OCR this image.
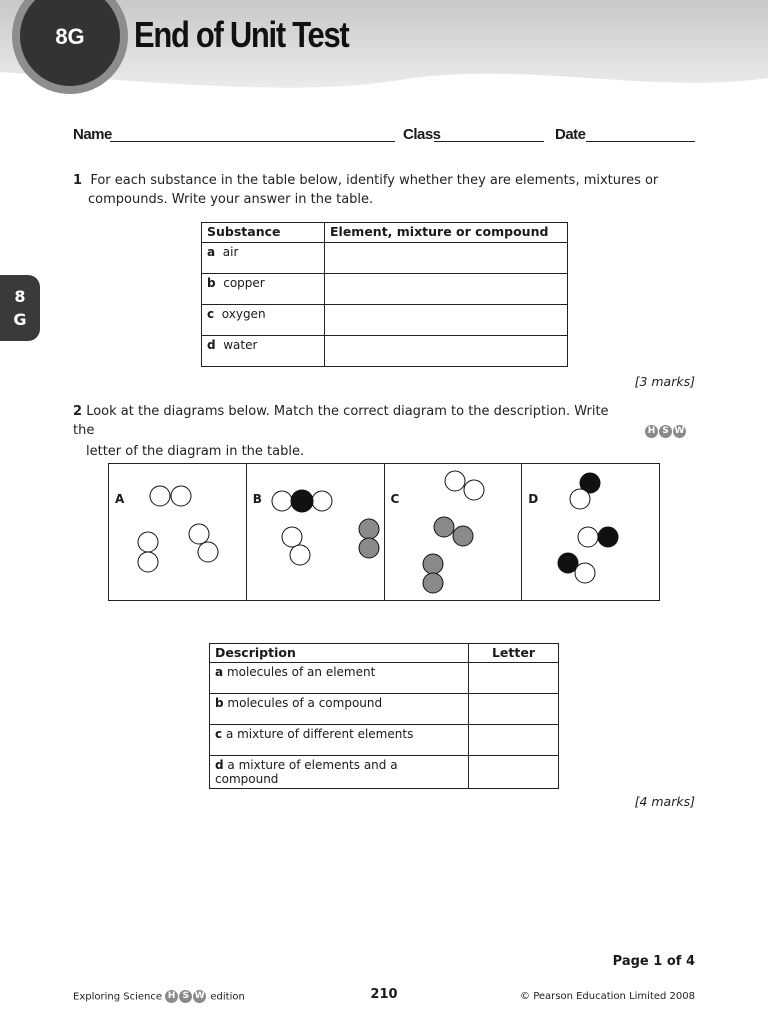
8G End of Unit Test
8
G
Name	Class	Date
1 For each substance in the table below, identify whether they are elements, mixtures or
compounds. Write your answer in the table.
Substance	Element, mixture or compound
a air	
b copper	
c oxygen	
d water	
[3 marks]
2 Look at the diagrams below. Match the correct diagram to the description. Write the
letter of the diagram in the table.
H S W
A	B	C	D
Description	Letter
a molecules of an element	
b molecules of a compound	
c a mixture of different elements	
d a mixture of elements and a compound	
[4 marks]
Page 1 of 4
Exploring Science H S W edition	210	© Pearson Education Limited 2008
